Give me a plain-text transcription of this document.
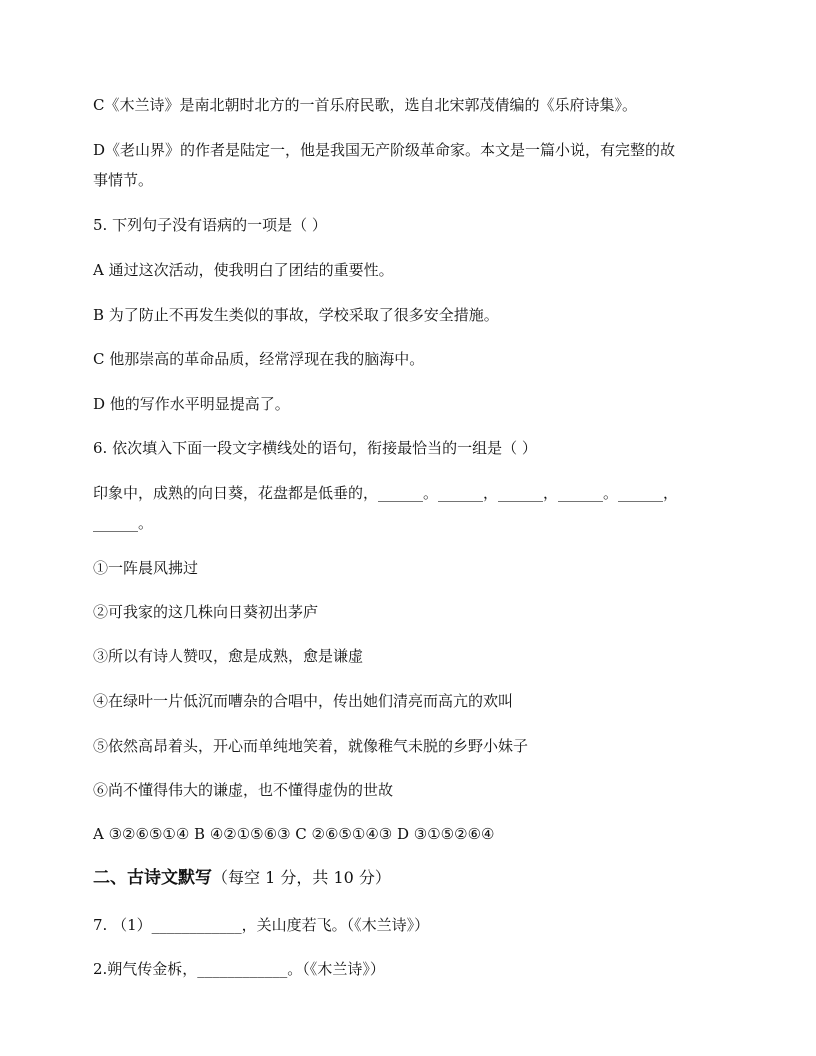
C《木兰诗》是南北朝时北方的一首乐府民歌，选自北宋郭茂倩编的《乐府诗集》。
D《老山界》的作者是陆定一，他是我国无产阶级革命家。本文是一篇小说，有完整的故
事情节。
5. 下列句子没有语病的一项是（ ）
A 通过这次活动，使我明白了团结的重要性。
B 为了防止不再发生类似的事故，学校采取了很多安全措施。
C 他那崇高的革命品质，经常浮现在我的脑海中。
D 他的写作水平明显提高了。
6. 依次填入下面一段文字横线处的语句，衔接最恰当的一组是（ ）
印象中，成熟的向日葵，花盘都是低垂的，______。______，______，______。______，
______。
①一阵晨风拂过
②可我家的这几株向日葵初出茅庐
③所以有诗人赞叹，愈是成熟，愈是谦虚
④在绿叶一片低沉而嘈杂的合唱中，传出她们清亮而高亢的欢叫
⑤依然高昂着头，开心而单纯地笑着，就像稚气未脱的乡野小妹子
⑥尚不懂得伟大的谦虚，也不懂得虚伪的世故
A ③②⑥⑤①④ B ④②①⑤⑥③ C ②⑥⑤①④③ D ③①⑤②⑥④
二、古诗文默写（每空 1 分，共 10 分）
7. （1）____________，关山度若飞。（《木兰诗》）
2.朔气传金柝，____________。（《木兰诗》）
